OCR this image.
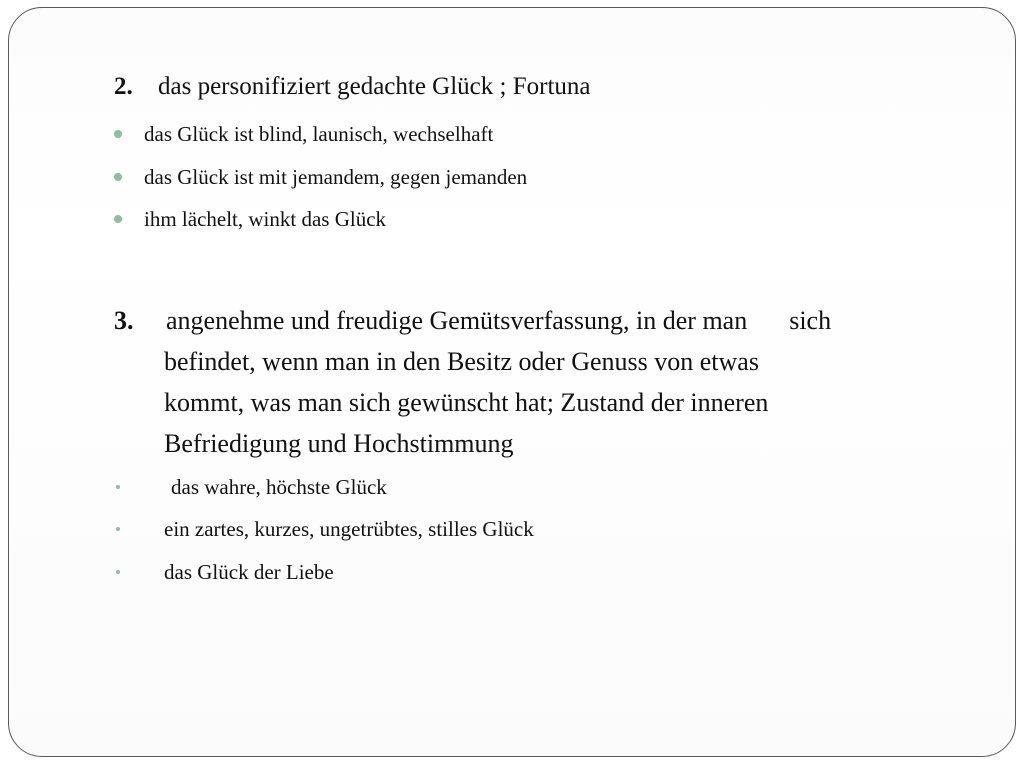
2. das personifiziert gedachte Glück ; Fortuna
das Glück ist blind, launisch, wechselhaft
das Glück ist mit jemandem, gegen jemanden
ihm lächelt, winkt das Glück
3. angenehme und freudige Gemütsverfassung, in der man sich
befindet, wenn man in den Besitz oder Genuss von etwas
kommt, was man sich gewünscht hat; Zustand der inneren
Befriedigung und Hochstimmung
das wahre, höchste Glück
ein zartes, kurzes, ungetrübtes, stilles Glück
das Glück der Liebe
